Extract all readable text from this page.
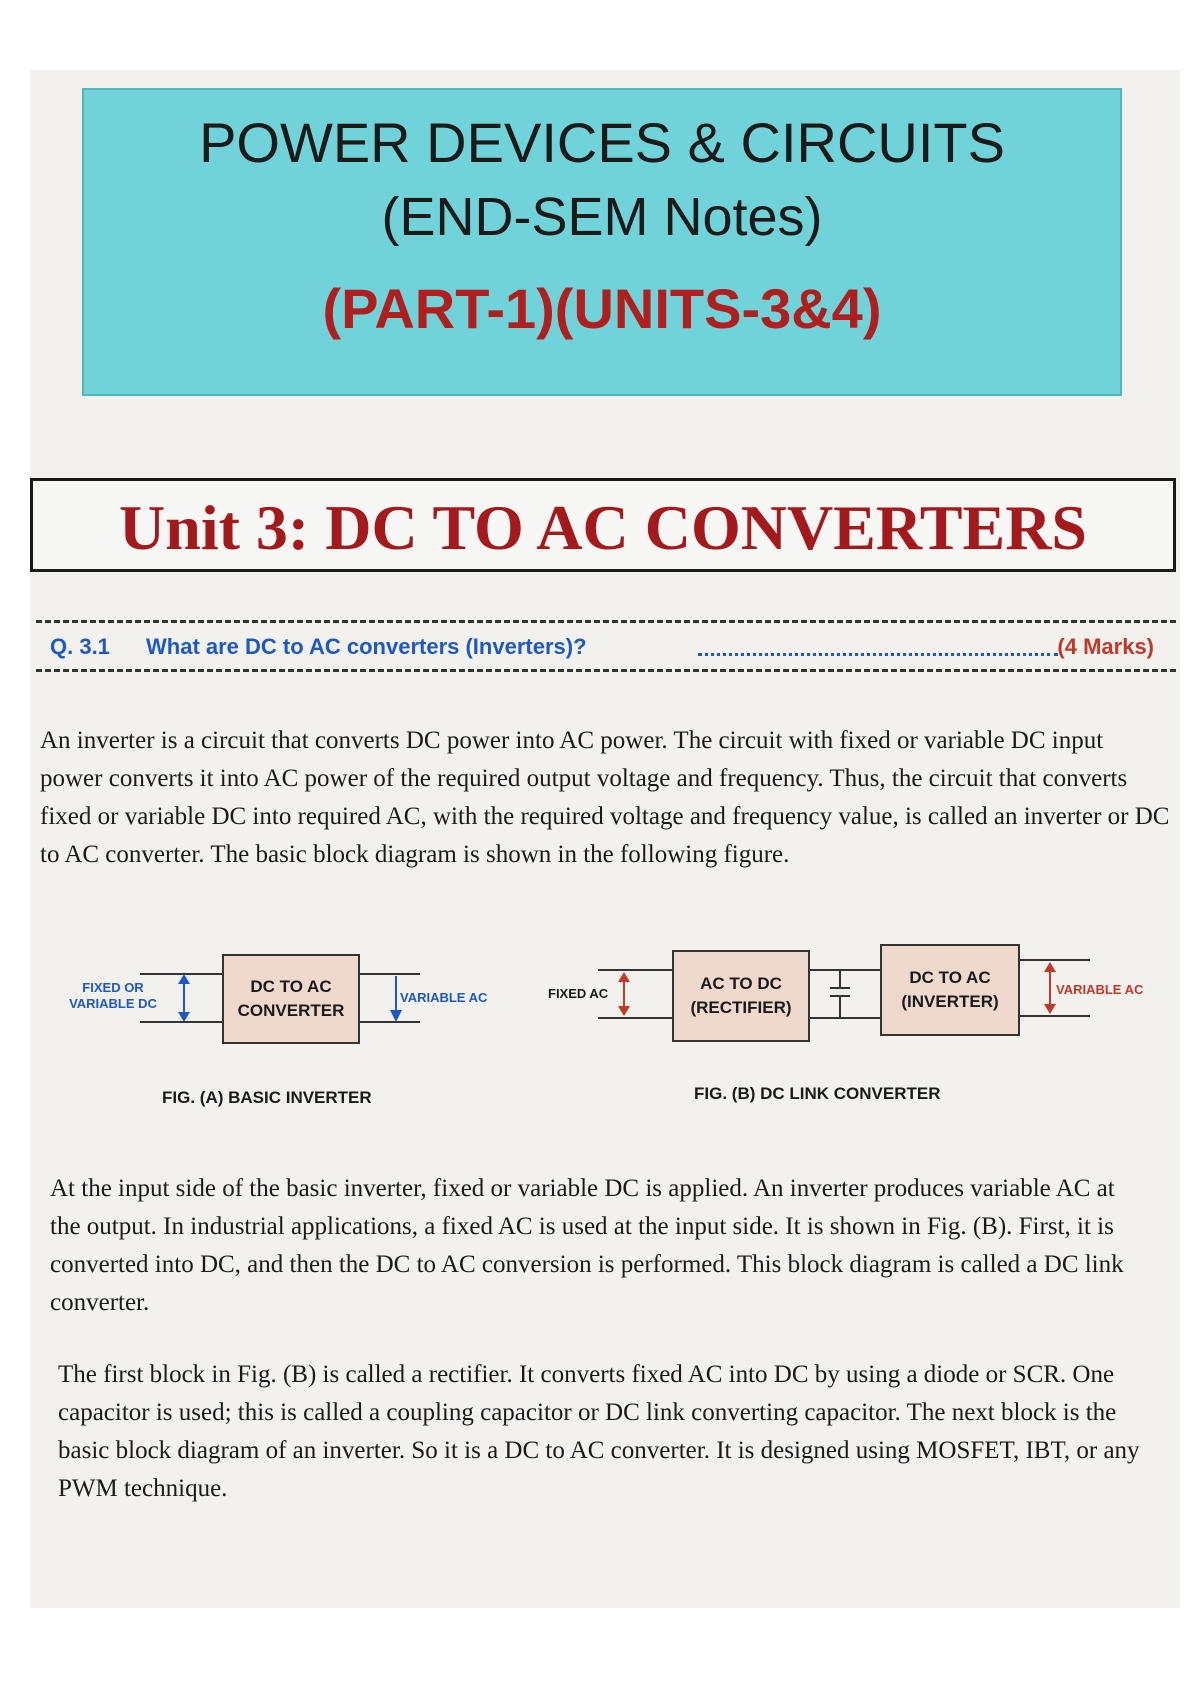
POWER DEVICES & CIRCUITS
(END-SEM Notes)
(PART-1)(UNITS-3&4)
Unit 3: DC TO AC CONVERTERS
Q. 3.1 What are DC to AC converters (Inverters)?	(4 Marks)

An inverter is a circuit that converts DC power into AC power. The circuit with fixed or variable DC input power converts it into AC power of the required output voltage and frequency. Thus, the circuit that converts fixed or variable DC into required AC, with the required voltage and frequency value, is called an inverter or DC to AC converter. The basic block diagram is shown in the following figure.

FIXED OR
VARIABLE DC
DC TO AC
CONVERTER
VARIABLE AC
FIG. (A) BASIC INVERTER
FIXED AC
AC TO DC
(RECTIFIER)
DC TO AC
(INVERTER)
VARIABLE AC
FIG. (B) DC LINK CONVERTER

At the input side of the basic inverter, fixed or variable DC is applied. An inverter produces variable AC at the output. In industrial applications, a fixed AC is used at the input side. It is shown in Fig. (B). First, it is converted into DC, and then the DC to AC conversion is performed. This block diagram is called a DC link converter.

The first block in Fig. (B) is called a rectifier. It converts fixed AC into DC by using a diode or SCR. One capacitor is used; this is called a coupling capacitor or DC link converting capacitor. The next block is the basic block diagram of an inverter. So it is a DC to AC converter. It is designed using MOSFET, IBT, or any PWM technique.
